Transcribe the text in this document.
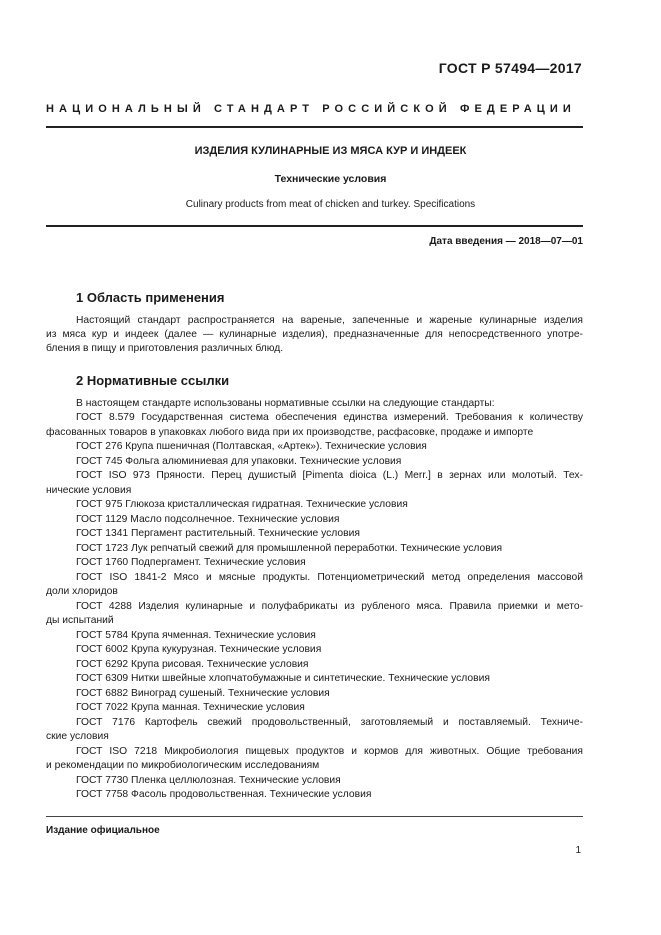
ГОСТ Р 57494—2017
НАЦИОНАЛЬНЫЙ СТАНДАРТ РОССИЙСКОЙ ФЕДЕРАЦИИ
ИЗДЕЛИЯ КУЛИНАРНЫЕ ИЗ МЯСА КУР И ИНДЕЕК
Технические условия
Culinary products from meat of chicken and turkey. Specifications
Дата введения — 2018—07—01
1 Область применения
Настоящий стандарт распространяется на вареные, запеченные и жареные кулинарные изделия
из мяса кур и индеек (далее — кулинарные изделия), предназначенные для непосредственного употре-
бления в пищу и приготовления различных блюд.
2 Нормативные ссылки
В настоящем стандарте использованы нормативные ссылки на следующие стандарты:
ГОСТ 8.579 Государственная система обеспечения единства измерений. Требования к количеству
фасованных товаров в упаковках любого вида при их производстве, расфасовке, продаже и импорте
ГОСТ 276 Крупа пшеничная (Полтавская, «Артек»). Технические условия
ГОСТ 745 Фольга алюминиевая для упаковки. Технические условия
ГОСТ ISO 973 Пряности. Перец душистый [Pimenta dioica (L.) Merr.] в зернах или молотый. Тех-
нические условия
ГОСТ 975 Глюкоза кристаллическая гидратная. Технические условия
ГОСТ 1129 Масло подсолнечное. Технические условия
ГОСТ 1341 Пергамент растительный. Технические условия
ГОСТ 1723 Лук репчатый свежий для промышленной переработки. Технические условия
ГОСТ 1760 Подпергамент. Технические условия
ГОСТ ISO 1841-2 Мясо и мясные продукты. Потенциометрический метод определения массовой
доли хлоридов
ГОСТ 4288 Изделия кулинарные и полуфабрикаты из рубленого мяса. Правила приемки и мето-
ды испытаний
ГОСТ 5784 Крупа ячменная. Технические условия
ГОСТ 6002 Крупа кукурузная. Технические условия
ГОСТ 6292 Крупа рисовая. Технические условия
ГОСТ 6309 Нитки швейные хлопчатобумажные и синтетические. Технические условия
ГОСТ 6882 Виноград сушеный. Технические условия
ГОСТ 7022 Крупа манная. Технические условия
ГОСТ 7176 Картофель свежий продовольственный, заготовляемый и поставляемый. Техниче-
ские условия
ГОСТ ISO 7218 Микробиология пищевых продуктов и кормов для животных. Общие требования
и рекомендации по микробиологическим исследованиям
ГОСТ 7730 Пленка целлюлозная. Технические условия
ГОСТ 7758 Фасоль продовольственная. Технические условия
Издание официальное
1
